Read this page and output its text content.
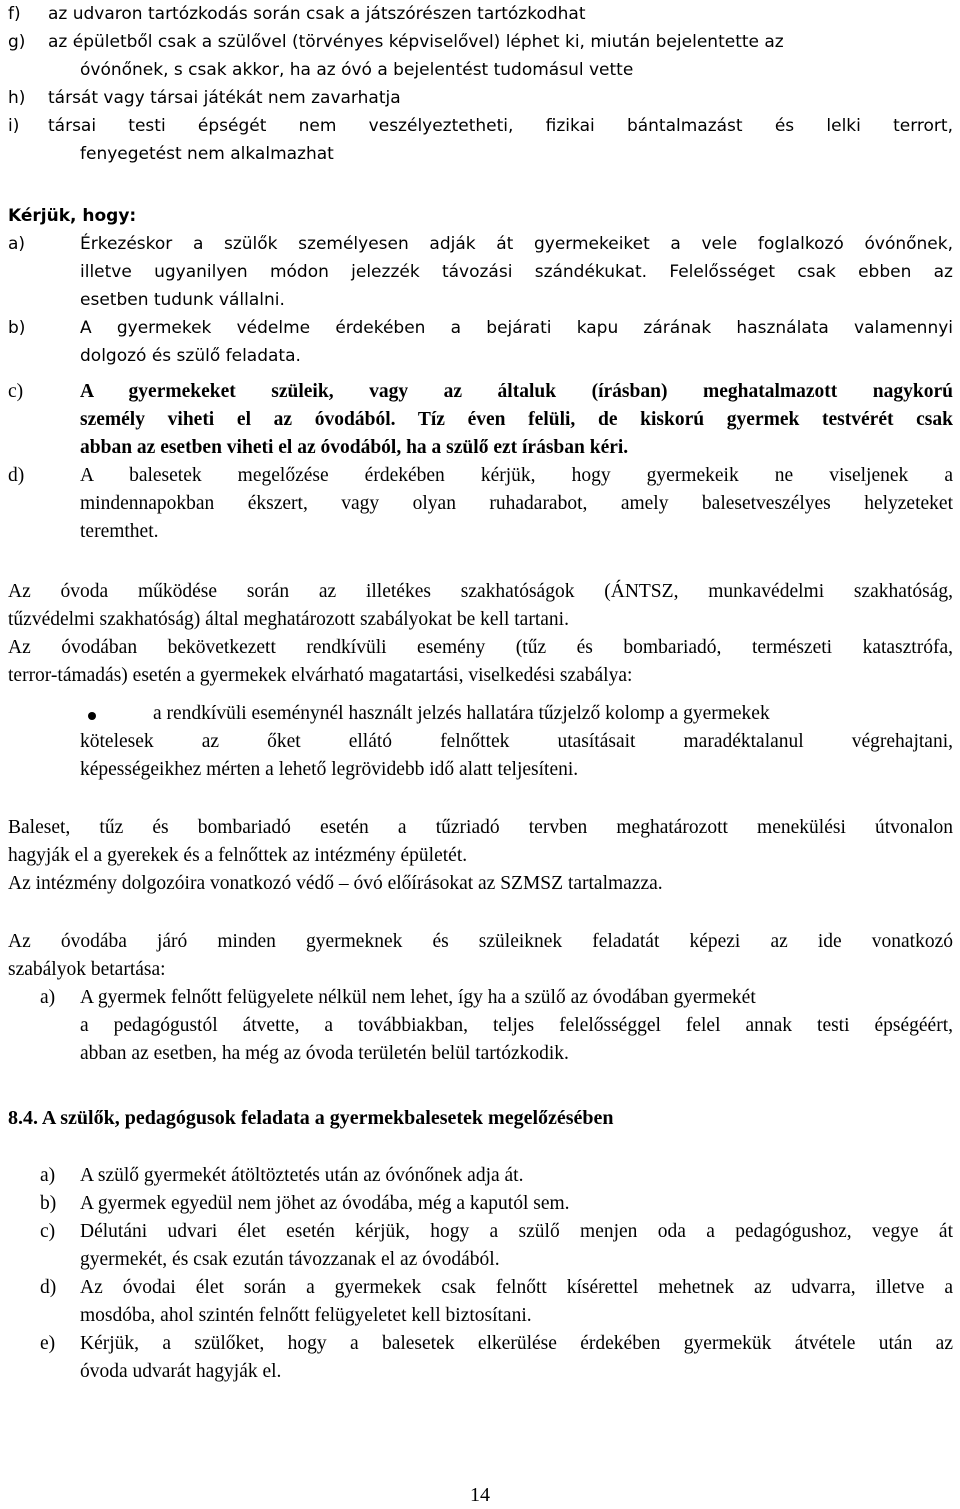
f) az udvaron tartózkodás során csak a játszórészen tartózkodhat
g) az épületből csak a szülővel (törvényes képviselővel) léphet ki, miután bejelentette az
óvónőnek, s csak akkor, ha az óvó a bejelentést tudomásul vette
h) társát vagy társai játékát nem zavarhatja
i) társai testi épségét nem veszélyeztetheti, fizikai bántalmazást és lelki terrort,
fenyegetést nem alkalmazhat
Kérjük, hogy:
a)	Érkezéskor a szülők személyesen adják át gyermekeiket a vele foglalkozó óvónőnek,
illetve ugyanilyen módon jelezzék távozási szándékukat. Felelősséget csak ebben az
esetben tudunk vállalni.
b)	A gyermekek védelme érdekében a bejárati kapu zárának használata valamennyi
dolgozó és szülő feladata.
c)	A gyermekeket szüleik, vagy az általuk (írásban) meghatalmazott nagykorú
személy viheti el az óvodából. Tíz éven felüli, de kiskorú gyermek testvérét csak
abban az esetben viheti el az óvodából, ha a szülő ezt írásban kéri.
d)	A balesetek megelőzése érdekében kérjük, hogy gyermekeik ne viseljenek a
mindennapokban ékszert, vagy olyan ruhadarabot, amely balesetveszélyes helyzeteket
teremthet.
Az óvoda működése során az illetékes szakhatóságok (ÁNTSZ, munkavédelmi szakhatóság,
tűzvédelmi szakhatóság) által meghatározott szabályokat be kell tartani.
Az óvodában bekövetkezett rendkívüli esemény (tűz és bombariadó, természeti katasztrófa,
terror-támadás) esetén a gyermekek elvárható magatartási, viselkedési szabálya:
a rendkívüli eseménynél használt jelzés hallatára tűzjelző kolomp a gyermekek
kötelesek az őket ellátó felnőttek utasításait maradéktalanul végrehajtani,
képességeikhez mérten a lehető legrövidebb idő alatt teljesíteni.
Baleset, tűz és bombariadó esetén a tűzriadó tervben meghatározott menekülési útvonalon
hagyják el a gyerekek és a felnőttek az intézmény épületét.
Az intézmény dolgozóira vonatkozó védő – óvó előírásokat az SZMSZ tartalmazza.
Az óvodába járó minden gyermeknek és szüleiknek feladatát képezi az ide vonatkozó
szabályok betartása:
a) A gyermek felnőtt felügyelete nélkül nem lehet, így ha a szülő az óvodában gyermekét
a pedagógustól átvette, a továbbiakban, teljes felelősséggel felel annak testi épségéért,
abban az esetben, ha még az óvoda területén belül tartózkodik.
8.4. A szülők, pedagógusok feladata a gyermekbalesetek megelőzésében
a) A szülő gyermekét átöltöztetés után az óvónőnek adja át.
b) A gyermek egyedül nem jöhet az óvodába, még a kaputól sem.
c) Délutáni udvari élet esetén kérjük, hogy a szülő menjen oda a pedagógushoz, vegye át
gyermekét, és csak ezután távozzanak el az óvodából.
d) Az óvodai élet során a gyermekek csak felnőtt kísérettel mehetnek az udvarra, illetve a
mosdóba, ahol szintén felnőtt felügyeletet kell biztosítani.
e) Kérjük, a szülőket, hogy a balesetek elkerülése érdekében gyermekük átvétele után az
óvoda udvarát hagyják el.
14
